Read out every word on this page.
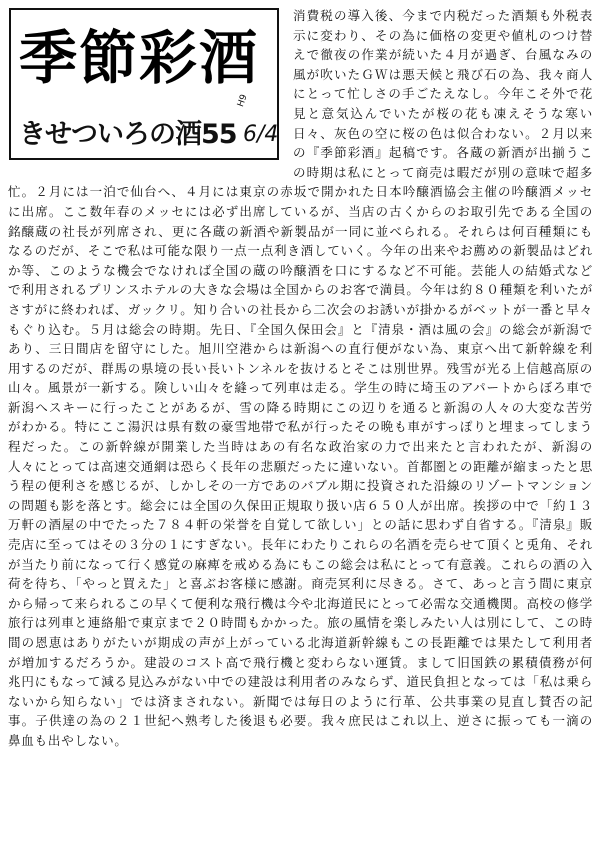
季節彩酒
きせついろの酒55
H9
6/4
消費税の導入後、今まで内税だった酒類も外税表示に変わり、その為に価格の変更や値札のつけ替えで徹夜の作業が続いた４月が過ぎ、台風なみの風が吹いたＧＷは悪天候と飛び石の為、我々商人にとって忙しさの手ごたえなし。今年こそ外で花見と意気込んでいたが桜の花も凍えそうな寒い日々、灰色の空に桜の色は似合わない。２月以来の『季節彩酒』起稿です。各蔵の新酒が出揃うこの時期は私にとって商売は暇だが別の意味で超多忙。２月には一泊で仙台へ、４月には東京の赤坂で開かれた日本吟醸酒協会主催の吟醸酒メッセに出席。ここ数年春のメッセには必ず出席しているが、当店の古くからのお取引先である全国の銘醸蔵の社長が列席され、更に各蔵の新酒や新製品が一同に並べられる。それらは何百種類にもなるのだが、そこで私は可能な限り一点一点利き酒していく。今年の出来やお薦めの新製品はどれか等、このような機会でなければ全国の蔵の吟醸酒を口にするなど不可能。芸能人の結婚式などで利用されるプリンスホテルの大きな会場は全国からのお客で満員。今年は約８０種類を利いたがさすがに終われば、ガックリ。知り合いの社長から二次会のお誘いが掛かるがベットが一番と早々もぐり込む。５月は総会の時期。先日、『全国久保田会』と『清泉・酒は風の会』の総会が新潟であり、三日間店を留守にした。旭川空港からは新潟への直行便がない為、東京へ出て新幹線を利用するのだが、群馬の県境の長い長いトンネルを抜けるとそこは別世界。残雪が光る上信越高原の山々。風景が一新する。険しい山々を縫って列車は走る。学生の時に埼玉のアパートからぼろ車で新潟へスキーに行ったことがあるが、雪の降る時期にこの辺りを通ると新潟の人々の大変な苦労がわかる。特にここ湯沢は県有数の豪雪地帯で私が行ったその晩も車がすっぽりと埋まってしまう程だった。この新幹線が開業した当時はあの有名な政治家の力で出来たと言われたが、新潟の人々にとっては高速交通網は恐らく長年の悲願だったに違いない。首都圏との距離が縮まったと思う程の便利さを感じるが、しかしその一方であのバブル期に投資された沿線のリゾートマンションの問題も影を落とす。総会には全国の久保田正規取り扱い店６５０人が出席。挨拶の中で「約１３万軒の酒屋の中でたった７８４軒の栄誉を自覚して欲しい」との話に思わず自省する。『清泉』販売店に至ってはその３分の１にすぎない。長年にわたりこれらの名酒を売らせて頂くと兎角、それが当たり前になって行く感覚の麻痺を戒める為にもこの総会は私にとって有意義。これらの酒の入荷を待ち、「やっと買えた」と喜ぶお客様に感謝。商売冥利に尽きる。さて、あっと言う間に東京から帰って来られるこの早くて便利な飛行機は今や北海道民にとって必需な交通機関。高校の修学旅行は列車と連絡船で東京まで２０時間もかかった。旅の風情を楽しみたい人は別にして、この時間の恩恵はありがたいが期成の声が上がっている北海道新幹線もこの長距離では果たして利用者が増加するだろうか。建設のコスト高で飛行機と変わらない運賃。まして旧国鉄の累積債務が何兆円にもなって減る見込みがない中での建設は利用者のみならず、道民負担となっては「私は乗らないから知らない」では済まされない。新聞では毎日のように行革、公共事業の見直し賛否の記事。子供達の為の２１世紀へ熟考した後退も必要。我々庶民はこれ以上、逆さに振っても一滴の鼻血も出やしない。
